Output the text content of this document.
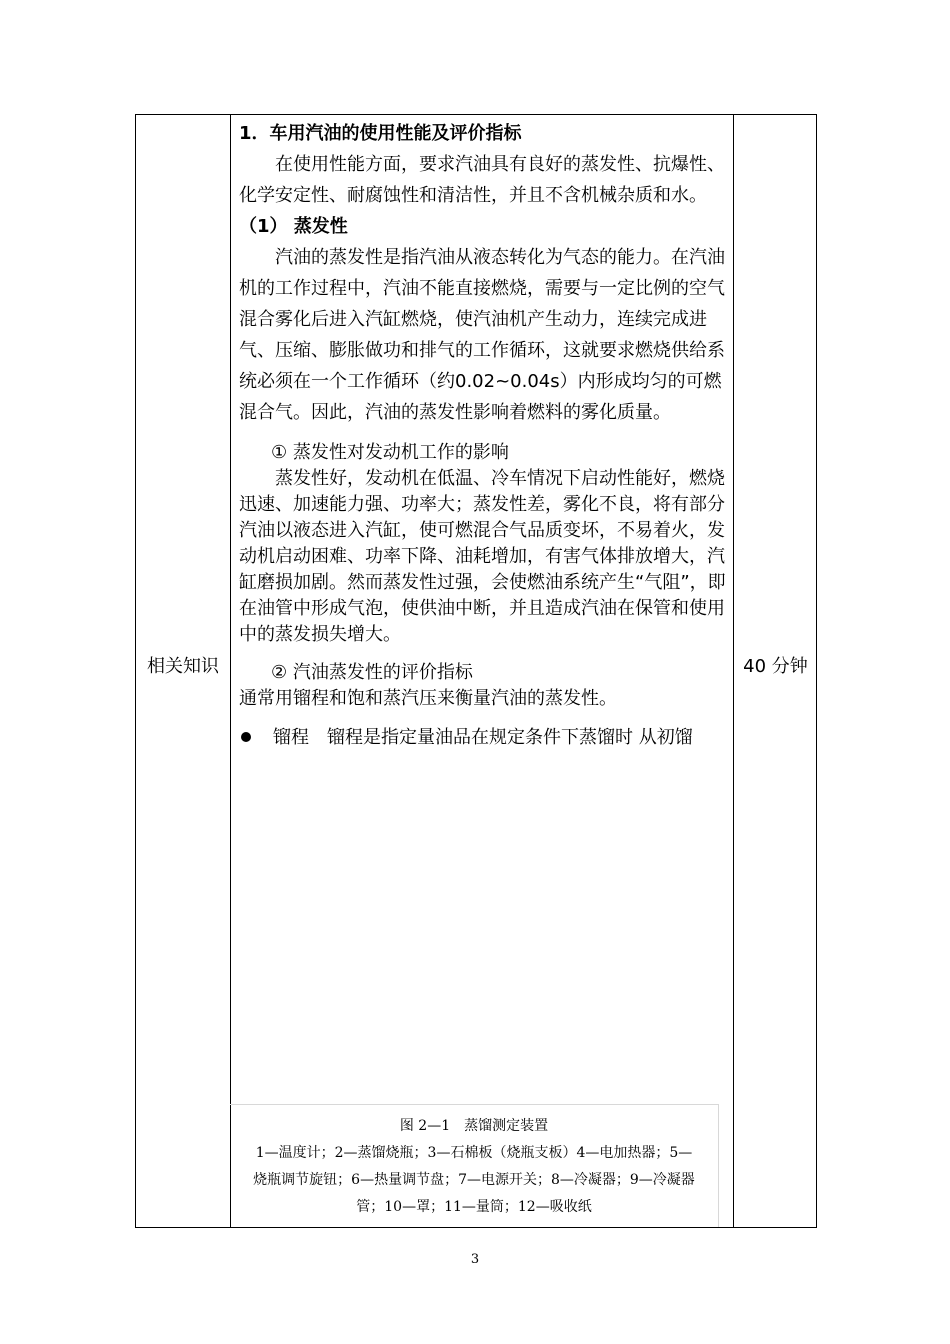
相关知识	40 分钟

1．车用汽油的使用性能及评价指标

在使用性能方面，要求汽油具有良好的蒸发性、抗爆性、化学安定性、耐腐蚀性和清洁性，并且不含机械杂质和水。

（1） 蒸发性

汽油的蒸发性是指汽油从液态转化为气态的能力。在汽油机的工作过程中，汽油不能直接燃烧，需要与一定比例的空气混合雾化后进入汽缸燃烧，使汽油机产生动力，连续完成进气、压缩、膨胀做功和排气的工作循环，这就要求燃烧供给系统必须在一个工作循环（约0.02~0.04s）内形成均匀的可燃混合气。因此，汽油的蒸发性影响着燃料的雾化质量。

① 蒸发性对发动机工作的影响

蒸发性好，发动机在低温、冷车情况下启动性能好，燃烧迅速、加速能力强、功率大；蒸发性差，雾化不良，将有部分汽油以液态进入汽缸，使可燃混合气品质变坏，不易着火，发动机启动困难、功率下降、油耗增加，有害气体排放增大，汽缸磨损加剧。然而蒸发性过强，会使燃油系统产生“气阻”，即在油管中形成气泡，使供油中断，并且造成汽油在保管和使用中的蒸发损失增大。

② 汽油蒸发性的评价指标

通常用镏程和饱和蒸汽压来衡量汽油的蒸发性。

镏程　镏程是指定量油品在规定条件下蒸馏时 从初馏

图 2—1　蒸馏测定装置
1—温度计；2—蒸馏烧瓶；3—石棉板（烧瓶支板）4—电加热器；5—
烧瓶调节旋钮；6—热量调节盘；7—电源开关；8—冷凝器；9—冷凝器
管；10—罩；11—量筒；12—吸收纸
3
